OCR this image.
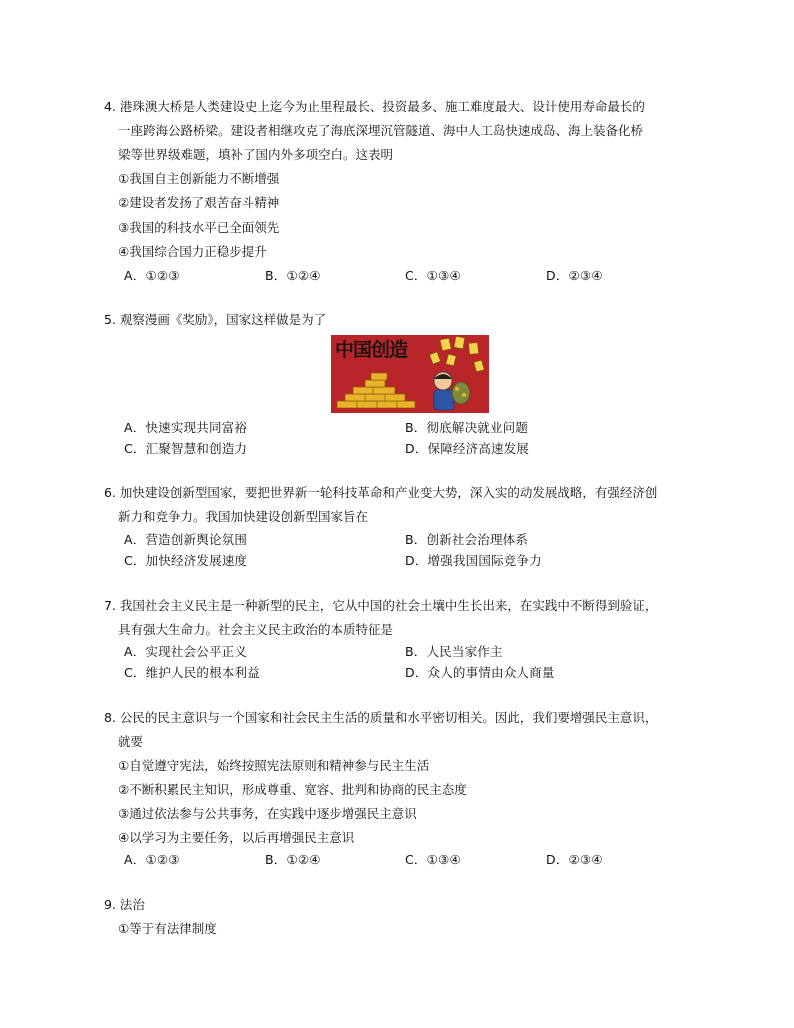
4. 港珠澳大桥是人类建设史上迄今为止里程最长、投资最多、施工难度最大、设计使用寿命最长的
一座跨海公路桥梁。建设者相继攻克了海底深埋沉管隧道、海中人工岛快速成岛、海上装备化桥
梁等世界级难题，填补了国内外多项空白。这表明
①我国自主创新能力不断增强
②建设者发扬了艰苦奋斗精神
③我国的科技水平已全面领先
④我国综合国力正稳步提升
A．①②③	B．①②④	C．①③④	D．②③④
5. 观察漫画《奖励》，国家这样做是为了
中国创造
A．快速实现共同富裕	B．彻底解决就业问题
C．汇聚智慧和创造力	D．保障经济高速发展
6. 加快建设创新型国家，要把世界新一轮科技革命和产业变大势，深入实的动发展战略，有强经济创
新力和竞争力。我国加快建设创新型国家旨在
A．营造创新舆论氛围	B．创新社会治理体系
C．加快经济发展速度	D．增强我国国际竞争力
7. 我国社会主义民主是一种新型的民主，它从中国的社会土壤中生长出来，在实践中不断得到验证，
具有强大生命力。社会主义民主政治的本质特征是
A．实现社会公平正义	B．人民当家作主
C．维护人民的根本利益	D．众人的事情由众人商量
8. 公民的民主意识与一个国家和社会民主生活的质量和水平密切相关。因此，我们要增强民主意识，
就要
①自觉遵守宪法，始终按照宪法原则和精神参与民主生活
②不断积累民主知识，形成尊重、宽容、批判和协商的民主态度
③通过依法参与公共事务，在实践中逐步增强民主意识
④以学习为主要任务，以后再增强民主意识
A．①②③	B．①②④	C．①③④	D．②③④
9. 法治
①等于有法律制度
